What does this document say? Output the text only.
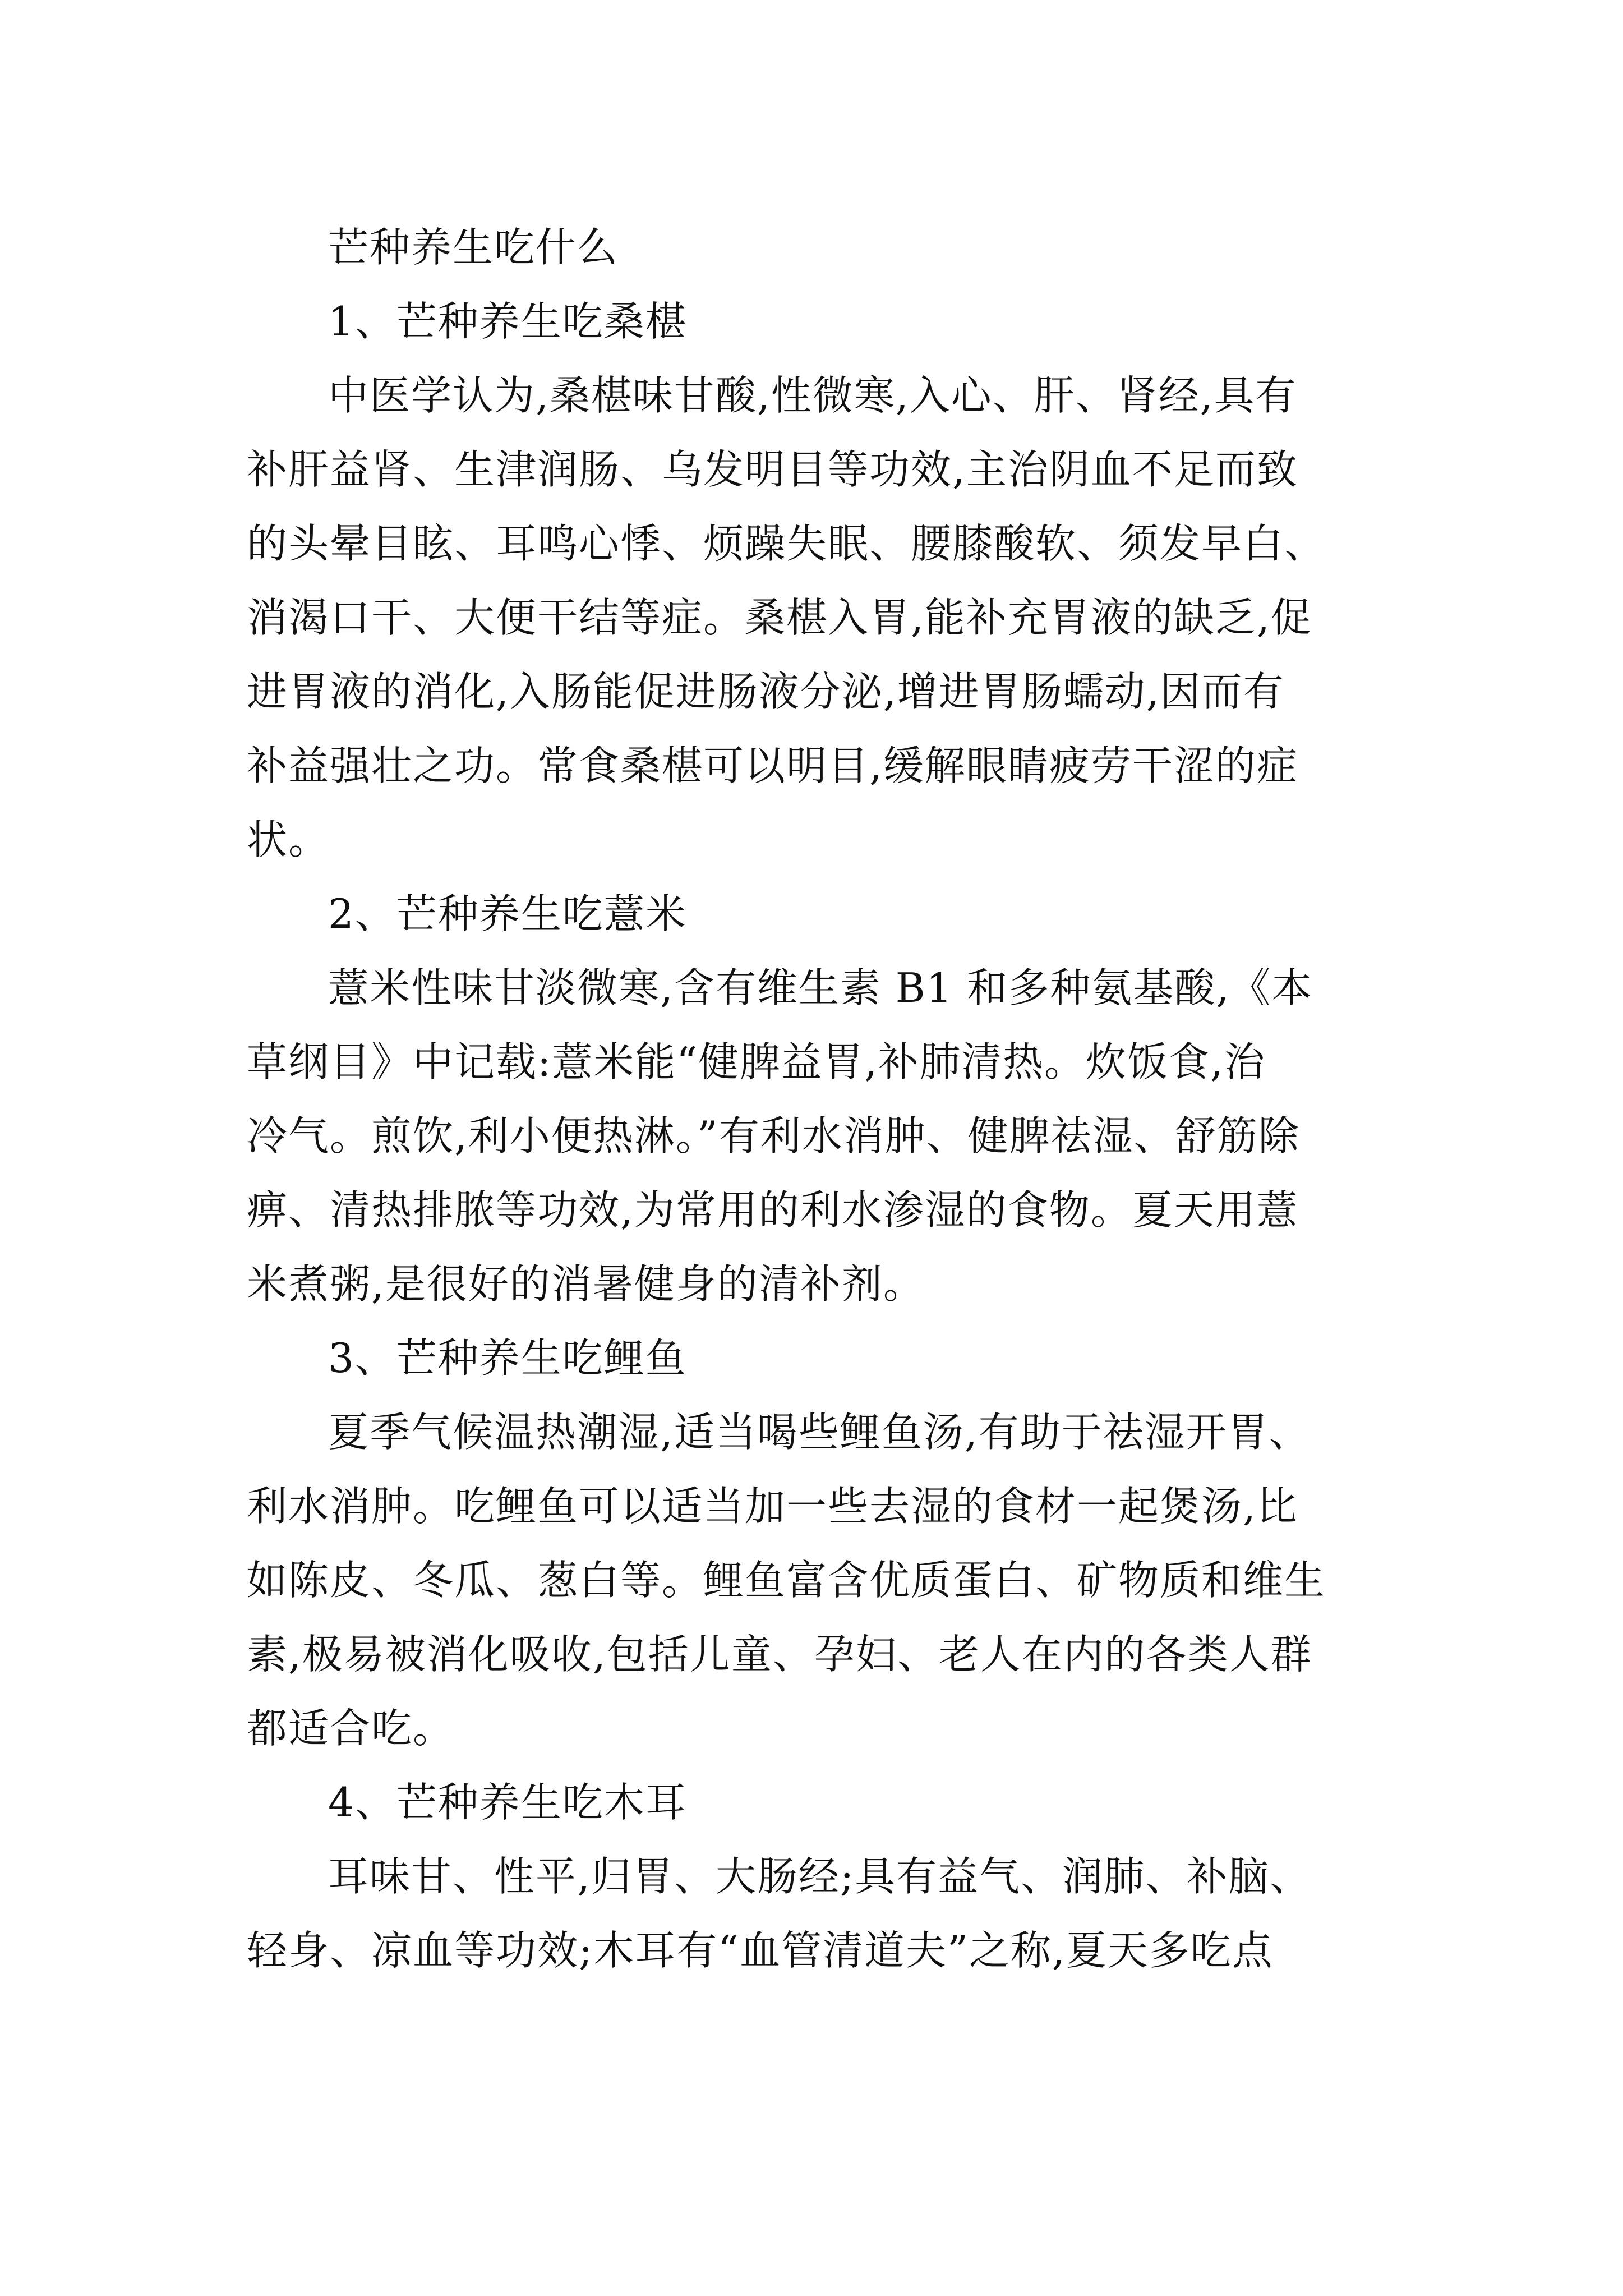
芒种养生吃什么
1、芒种养生吃桑椹
中医学认为,桑椹味甘酸,性微寒,入心、肝、肾经,具有
补肝益肾、生津润肠、乌发明目等功效,主治阴血不足而致
的头晕目眩、耳鸣心悸、烦躁失眠、腰膝酸软、须发早白、
消渴口干、大便干结等症。桑椹入胃,能补充胃液的缺乏,促
进胃液的消化,入肠能促进肠液分泌,增进胃肠蠕动,因而有
补益强壮之功。常食桑椹可以明目,缓解眼睛疲劳干涩的症
状。
2、芒种养生吃薏米
薏米性味甘淡微寒,含有维生素 B1 和多种氨基酸,《本
草纲目》中记载:薏米能“健脾益胃,补肺清热。炊饭食,治
冷气。煎饮,利小便热淋。”有利水消肿、健脾祛湿、舒筋除
痹、清热排脓等功效,为常用的利水渗湿的食物。夏天用薏
米煮粥,是很好的消暑健身的清补剂。
3、芒种养生吃鲤鱼
夏季气候温热潮湿,适当喝些鲤鱼汤,有助于祛湿开胃、
利水消肿。吃鲤鱼可以适当加一些去湿的食材一起煲汤,比
如陈皮、冬瓜、葱白等。鲤鱼富含优质蛋白、矿物质和维生
素,极易被消化吸收,包括儿童、孕妇、老人在内的各类人群
都适合吃。
4、芒种养生吃木耳
耳味甘、性平,归胃、大肠经;具有益气、润肺、补脑、
轻身、凉血等功效;木耳有“血管清道夫”之称,夏天多吃点
